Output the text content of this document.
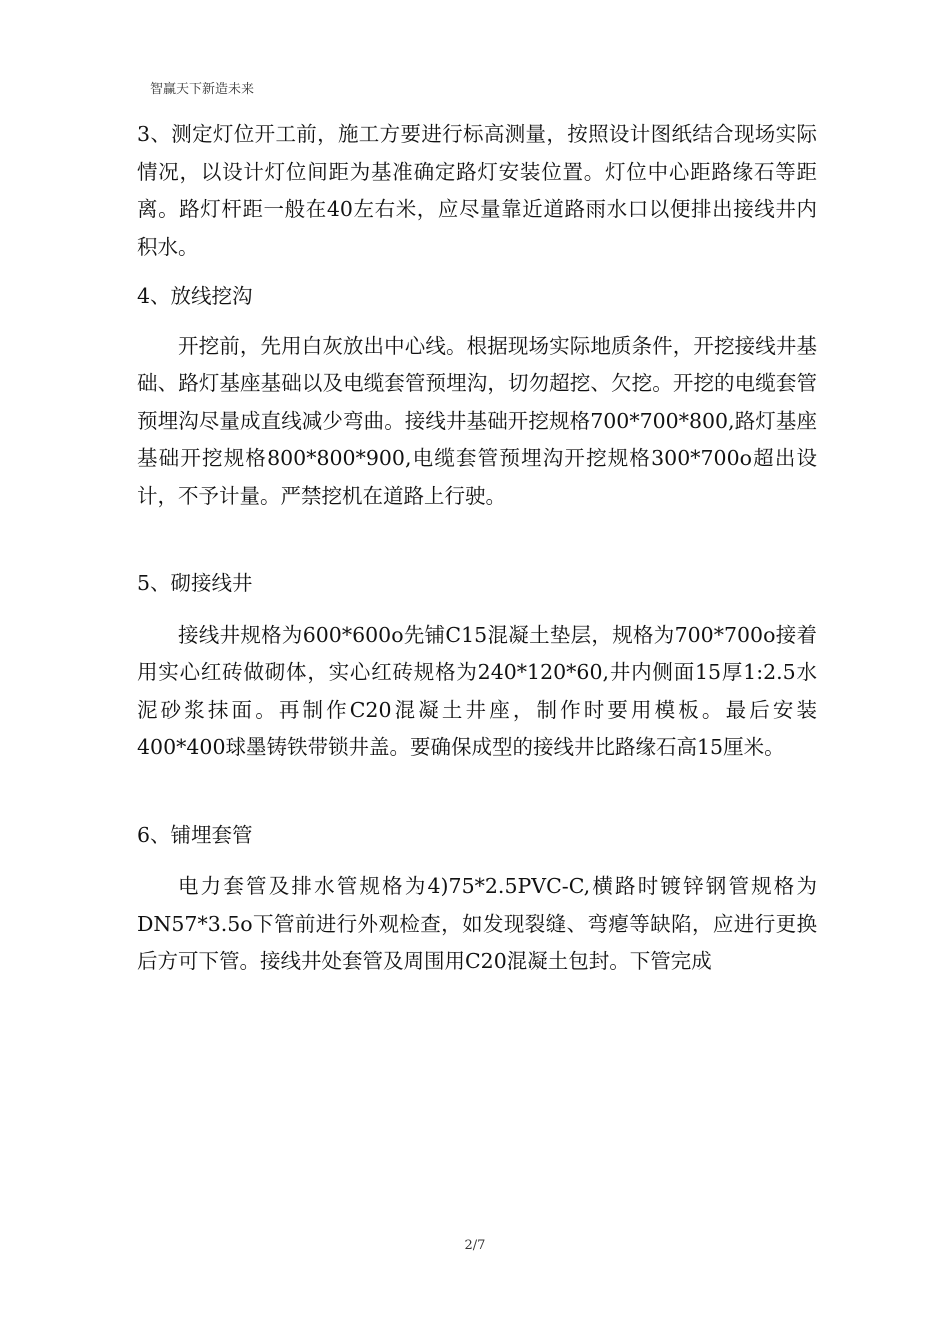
智赢天下新造未来

3、测定灯位开工前，施工方要进行标高测量，按照设计图纸结合现场实际情况，以设计灯位间距为基准确定路灯安装位置。灯位中心距路缘石等距离。路灯杆距一般在40左右米，应尽量靠近道路雨水口以便排出接线井内积水。

4、放线挖沟

开挖前，先用白灰放出中心线。根据现场实际地质条件，开挖接线井基础、路灯基座基础以及电缆套管预埋沟，切勿超挖、欠挖。开挖的电缆套管预埋沟尽量成直线减少弯曲。接线井基础开挖规格700*700*800,路灯基座基础开挖规格800*800*900,电缆套管预埋沟开挖规格300*700o超出设计，不予计量。严禁挖机在道路上行驶。

5、砌接线井

接线井规格为600*600o先铺C15混凝土垫层，规格为700*700o接着用实心红砖做砌体，实心红砖规格为240*120*60,井内侧面15厚1:2.5水泥砂浆抹面。再制作C20混凝土井座，制作时要用模板。最后安装400*400球墨铸铁带锁井盖。要确保成型的接线井比路缘石高15厘米。

6、铺埋套管

电力套管及排水管规格为4)75*2.5PVC-C,横路时镀锌钢管规格为DN57*3.5o下管前进行外观检查，如发现裂缝、弯瘪等缺陷，应进行更换后方可下管。接线井处套管及周围用C20混凝土包封。下管完成

2/7
